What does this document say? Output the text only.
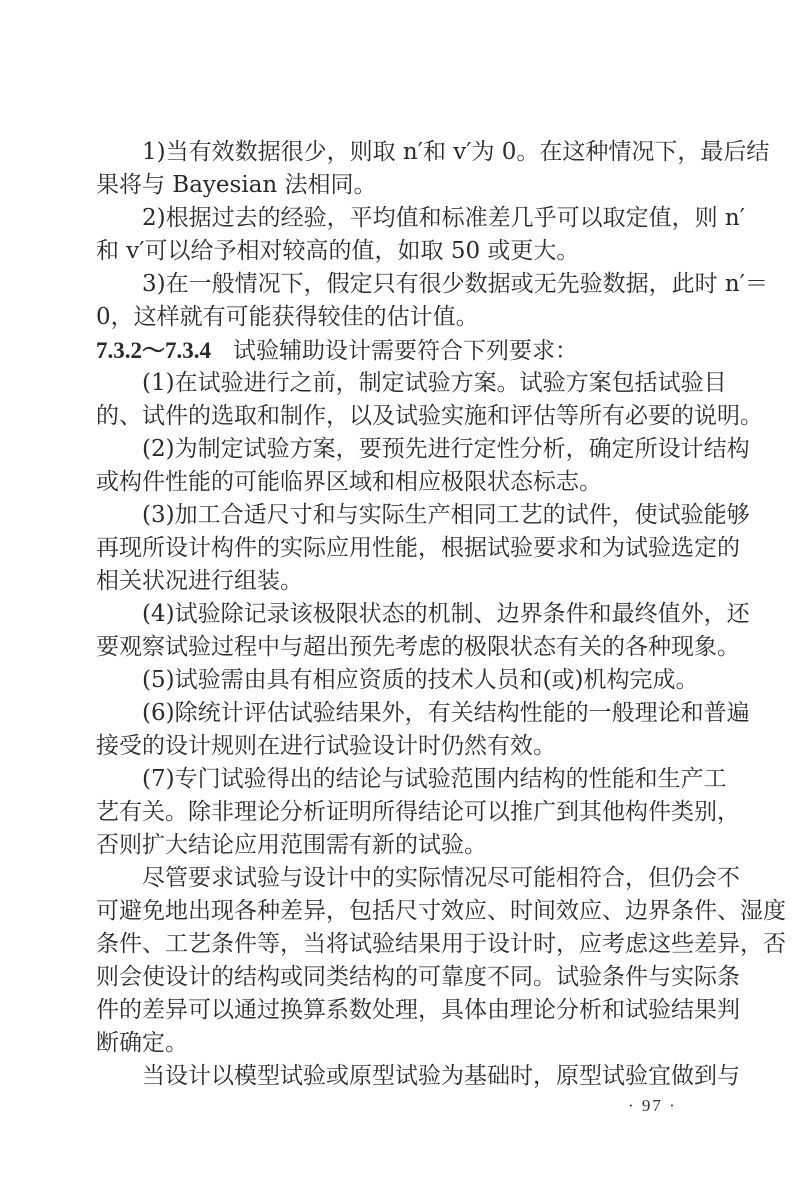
1)当有效数据很少，则取 n′和 v′为 0。在这种情况下，最后结
果将与 Bayesian 法相同。
2)根据过去的经验，平均值和标准差几乎可以取定值，则 n′
和 v′可以给予相对较高的值，如取 50 或更大。
3)在一般情况下，假定只有很少数据或无先验数据，此时 n′＝
0，这样就有可能获得较佳的估计值。
7.3.2～7.3.4 试验辅助设计需要符合下列要求：
(1)在试验进行之前，制定试验方案。试验方案包括试验目
的、试件的选取和制作，以及试验实施和评估等所有必要的说明。
(2)为制定试验方案，要预先进行定性分析，确定所设计结构
或构件性能的可能临界区域和相应极限状态标志。
(3)加工合适尺寸和与实际生产相同工艺的试件，使试验能够
再现所设计构件的实际应用性能，根据试验要求和为试验选定的
相关状况进行组装。
(4)试验除记录该极限状态的机制、边界条件和最终值外，还
要观察试验过程中与超出预先考虑的极限状态有关的各种现象。
(5)试验需由具有相应资质的技术人员和(或)机构完成。
(6)除统计评估试验结果外，有关结构性能的一般理论和普遍
接受的设计规则在进行试验设计时仍然有效。
(7)专门试验得出的结论与试验范围内结构的性能和生产工
艺有关。除非理论分析证明所得结论可以推广到其他构件类别，
否则扩大结论应用范围需有新的试验。
尽管要求试验与设计中的实际情况尽可能相符合，但仍会不
可避免地出现各种差异，包括尺寸效应、时间效应、边界条件、湿度
条件、工艺条件等，当将试验结果用于设计时，应考虑这些差异，否
则会使设计的结构或同类结构的可靠度不同。试验条件与实际条
件的差异可以通过换算系数处理，具体由理论分析和试验结果判
断确定。
当设计以模型试验或原型试验为基础时，原型试验宜做到与
· 97 ·
